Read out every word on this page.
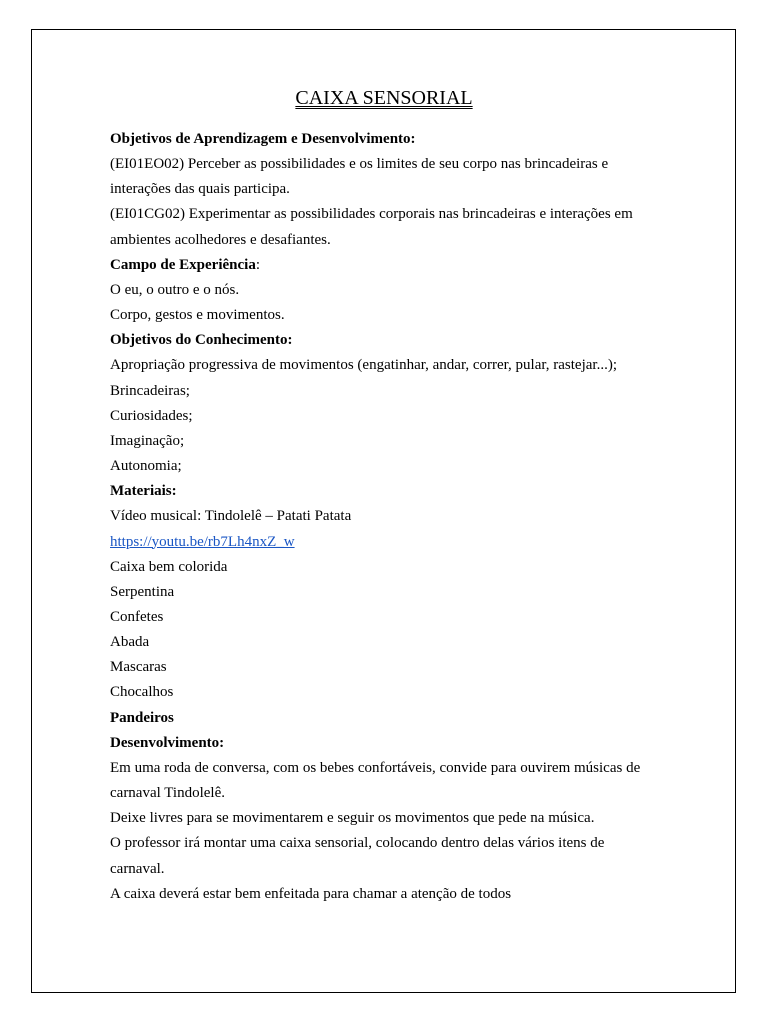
CAIXA SENSORIAL
Objetivos de Aprendizagem e Desenvolvimento:
(EI01EO02) Perceber as possibilidades e os limites de seu corpo nas brincadeiras e
interações das quais participa.
(EI01CG02) Experimentar as possibilidades corporais nas brincadeiras e interações em
ambientes acolhedores e desafiantes.
Campo de Experiência:
O eu, o outro e o nós.
Corpo, gestos e movimentos.
Objetivos do Conhecimento:
Apropriação progressiva de movimentos (engatinhar, andar, correr, pular, rastejar...);
Brincadeiras;
Curiosidades;
Imaginação;
Autonomia;
Materiais:
Vídeo musical: Tindolelê – Patati Patata
https://youtu.be/rb7Lh4nxZ_w
Caixa bem colorida
Serpentina
Confetes
Abada
Mascaras
Chocalhos
Pandeiros
Desenvolvimento:
Em uma roda de conversa, com os bebes confortáveis, convide para ouvirem músicas de
carnaval Tindolelê.
Deixe livres para se movimentarem e seguir os movimentos que pede na música.
O professor irá montar uma caixa sensorial, colocando dentro delas vários itens de
carnaval.
A caixa deverá estar bem enfeitada para chamar a atenção de todos
